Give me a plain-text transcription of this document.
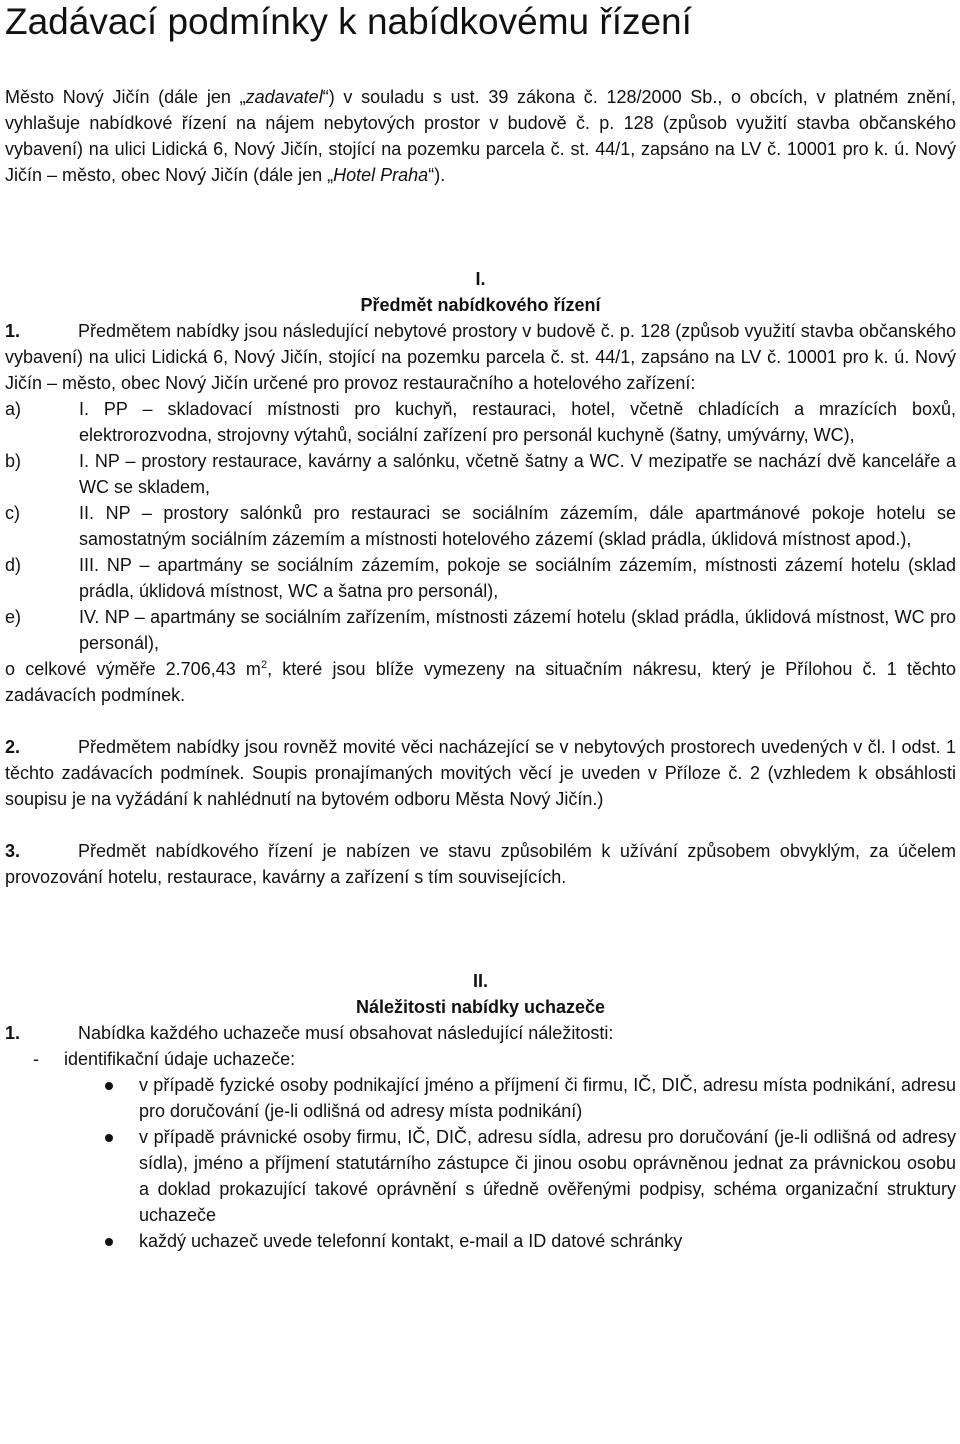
Zadávací podmínky k nabídkovému řízení

Město Nový Jičín (dále jen „zadavatel“) v souladu s ust. 39 zákona č. 128/2000 Sb., o obcích, v platném znění, vyhlašuje nabídkové řízení na nájem nebytových prostor v budově č. p. 128 (způsob využití stavba občanského vybavení) na ulici Lidická 6, Nový Jičín, stojící na pozemku parcela č. st. 44/1, zapsáno na LV č. 10001 pro k. ú. Nový Jičín – město, obec Nový Jičín (dále jen „Hotel Praha“).

I.

Předmět nabídkového řízení

1.	Předmětem nabídky jsou následující nebytové prostory v budově č. p. 128 (způsob využití stavba občanského vybavení) na ulici Lidická 6, Nový Jičín, stojící na pozemku parcela č. st. 44/1, zapsáno na LV č. 10001 pro k. ú. Nový Jičín – město, obec Nový Jičín určené pro provoz restauračního a hotelového zařízení:

a)	I. PP – skladovací místnosti pro kuchyň, restauraci, hotel, včetně chladících a mrazících boxů, elektrorozvodna, strojovny výtahů, sociální zařízení pro personál kuchyně (šatny, umývárny, WC),
b)	I. NP – prostory restaurace, kavárny a salónku, včetně šatny a WC. V mezipatře se nachází dvě kanceláře a WC se skladem,
c)	II. NP – prostory salónků pro restauraci se sociálním zázemím, dále apartmánové pokoje hotelu se samostatným sociálním zázemím a místnosti hotelového zázemí (sklad prádla, úklidová místnost apod.),
d)	III. NP – apartmány se sociálním zázemím, pokoje se sociálním zázemím, místnosti zázemí hotelu (sklad prádla, úklidová místnost, WC a šatna pro personál),
e)	IV. NP – apartmány se sociálním zařízením, místnosti zázemí hotelu (sklad prádla, úklidová místnost, WC pro personál),

o celkové výměře 2.706,43 $m^2$, které jsou blíže vymezeny na situačním nákresu, který je Přílohou č. 1 těchto zadávacích podmínek.

2.	Předmětem nabídky jsou rovněž movité věci nacházející se v nebytových prostorech uvedených v čl. I odst. 1 těchto zadávacích podmínek. Soupis pronajímaných movitých věcí je uveden v Příloze č. 2 (vzhledem k obsáhlosti soupisu je na vyžádání k nahlédnutí na bytovém odboru Města Nový Jičín.)

3.	Předmět nabídkového řízení je nabízen ve stavu způsobilém k užívání způsobem obvyklým, za účelem provozování hotelu, restaurace, kavárny a zařízení s tím souvisejících.

II.

Náležitosti nabídky uchazeče

1.	Nabídka každého uchazeče musí obsahovat následující náležitosti:

- identifikační údaje uchazeče:

v případě fyzické osoby podnikající jméno a příjmení či firmu, IČ, DIČ, adresu místa podnikání, adresu pro doručování (je-li odlišná od adresy místa podnikání)
v případě právnické osoby firmu, IČ, DIČ, adresu sídla, adresu pro doručování (je-li odlišná od adresy sídla), jméno a příjmení statutárního zástupce či jinou osobu oprávněnou jednat za právnickou osobu a doklad prokazující takové oprávnění s úředně ověřenými podpisy, schéma organizační struktury uchazeče
každý uchazeč uvede telefonní kontakt, e-mail a ID datové schránky
